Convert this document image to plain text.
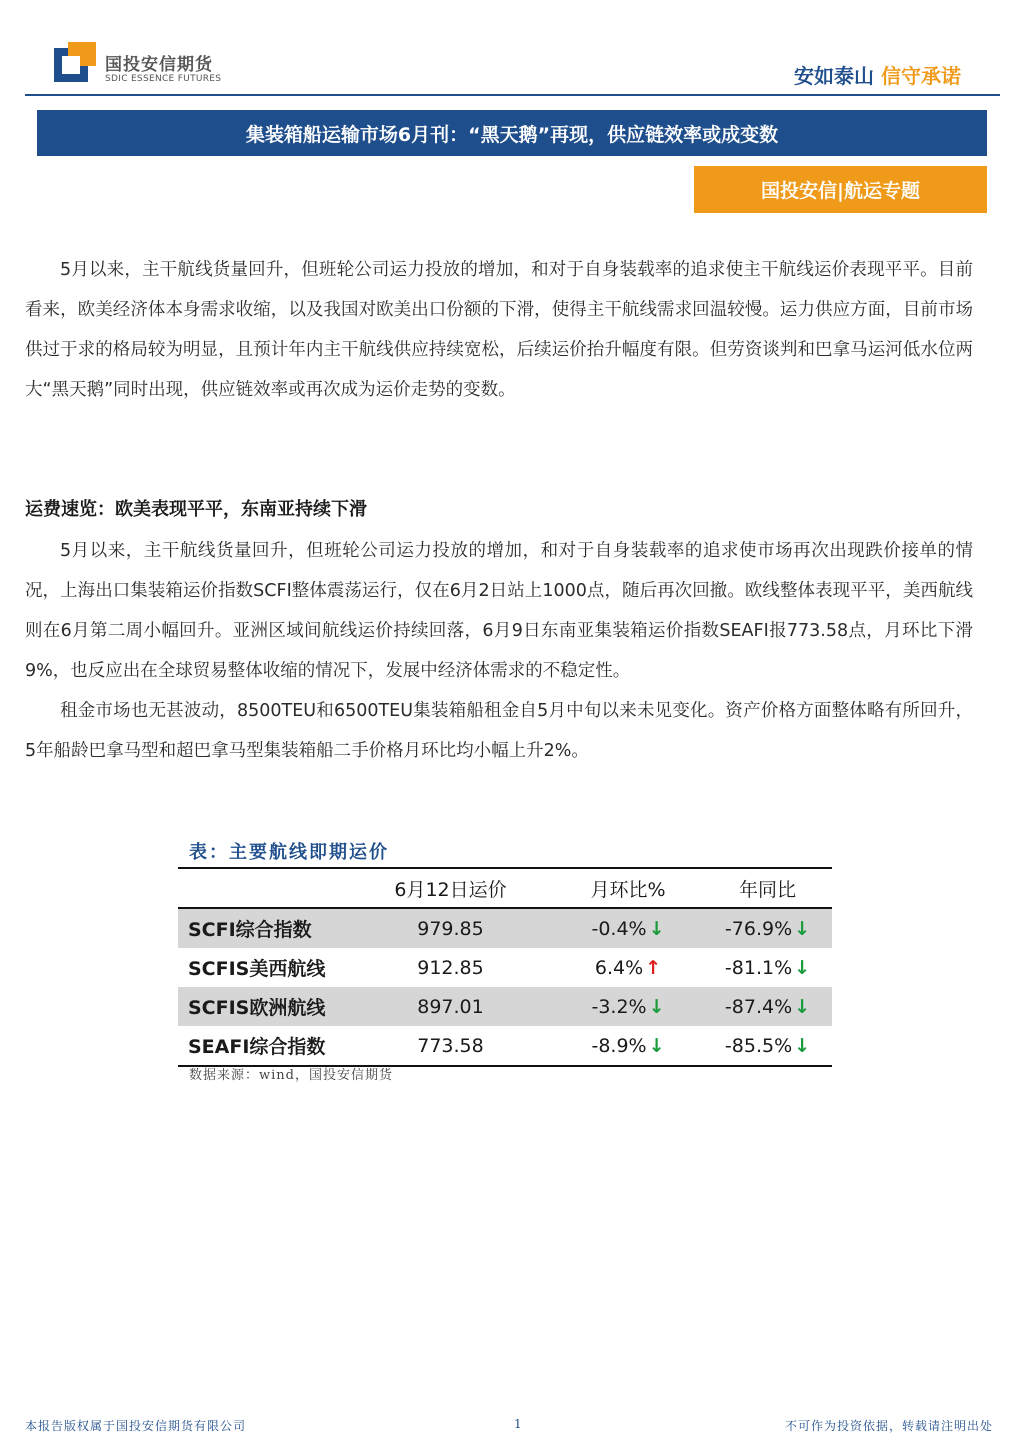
国投安信期货
SDIC ESSENCE FUTURES	安如泰山 信守承诺
集装箱船运输市场6月刊：“黑天鹅”再现，供应链效率或成变数
国投安信|航运专题

5月以来，主干航线货量回升，但班轮公司运力投放的增加，和对于自身装载率的追求使主干航线运价表现平平。目前看来，欧美经济体本身需求收缩，以及我国对欧美出口份额的下滑，使得主干航线需求回温较慢。运力供应方面，目前市场供过于求的格局较为明显，且预计年内主干航线供应持续宽松，后续运价抬升幅度有限。但劳资谈判和巴拿马运河低水位两大“黑天鹅”同时出现，供应链效率或再次成为运价走势的变数。

运费速览：欧美表现平平，东南亚持续下滑

5月以来，主干航线货量回升，但班轮公司运力投放的增加，和对于自身装载率的追求使市场再次出现跌价接单的情况，上海出口集装箱运价指数SCFI整体震荡运行，仅在6月2日站上1000点，随后再次回撤。欧线整体表现平平，美西航线则在6月第二周小幅回升。亚洲区域间航线运价持续回落，6月9日东南亚集装箱运价指数SEAFI报773.58点，月环比下滑9%，也反应出在全球贸易整体收缩的情况下，发展中经济体需求的不稳定性。

租金市场也无甚波动，8500TEU和6500TEU集装箱船租金自5月中旬以来未见变化。资产价格方面整体略有所回升，5年船龄巴拿马型和超巴拿马型集装箱船二手价格月环比均小幅上升2%。

表：主要航线即期运价
	6月12日运价	月环比%	年同比
SCFI综合指数	979.85	-0.4% ↓	-76.9% ↓
SCFIS美西航线	912.85	6.4% ↑	-81.1% ↓
SCFIS欧洲航线	897.01	-3.2% ↓	-87.4% ↓
SEAFI综合指数	773.58	-8.9% ↓	-85.5% ↓
数据来源：wind，国投安信期货
本报告版权属于国投安信期货有限公司	1	不可作为投资依据，转载请注明出处
